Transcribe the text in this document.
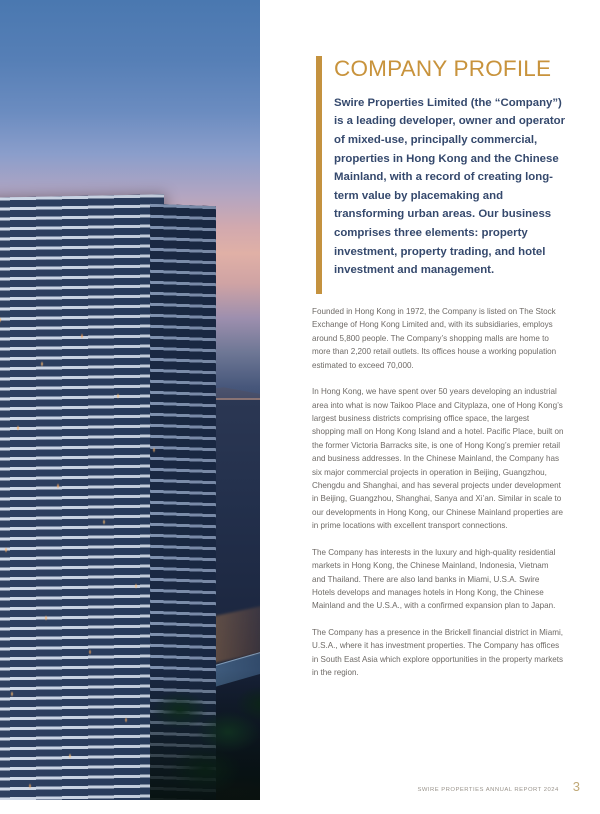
COMPANY PROFILE

Swire Properties Limited (the “Company”) is a leading developer, owner and operator of mixed-use, principally commercial, properties in Hong Kong and the Chinese Mainland, with a record of creating long-term value by placemaking and transforming urban areas. Our business comprises three elements: property investment, property trading, and hotel investment and management.

Founded in Hong Kong in 1972, the Company is listed on The Stock Exchange of Hong Kong Limited and, with its subsidiaries, employs around 5,800 people. The Company’s shopping malls are home to more than 2,200 retail outlets. Its offices house a working population estimated to exceed 70,000.

In Hong Kong, we have spent over 50 years developing an industrial area into what is now Taikoo Place and Cityplaza, one of Hong Kong’s largest business districts comprising office space, the largest shopping mall on Hong Kong Island and a hotel. Pacific Place, built on the former Victoria Barracks site, is one of Hong Kong’s premier retail and business addresses. In the Chinese Mainland, the Company has six major commercial projects in operation in Beijing, Guangzhou, Chengdu and Shanghai, and has several projects under development in Beijing, Guangzhou, Shanghai, Sanya and Xi’an. Similar in scale to our developments in Hong Kong, our Chinese Mainland properties are in prime locations with excellent transport connections.

The Company has interests in the luxury and high-quality residential markets in Hong Kong, the Chinese Mainland, Indonesia, Vietnam and Thailand. There are also land banks in Miami, U.S.A. Swire Hotels develops and manages hotels in Hong Kong, the Chinese Mainland and the U.S.A., with a confirmed expansion plan to Japan.

The Company has a presence in the Brickell financial district in Miami, U.S.A., where it has investment properties. The Company has offices in South East Asia which explore opportunities in the property markets in the region.

SWIRE PROPERTIES ANNUAL REPORT 2024 3
